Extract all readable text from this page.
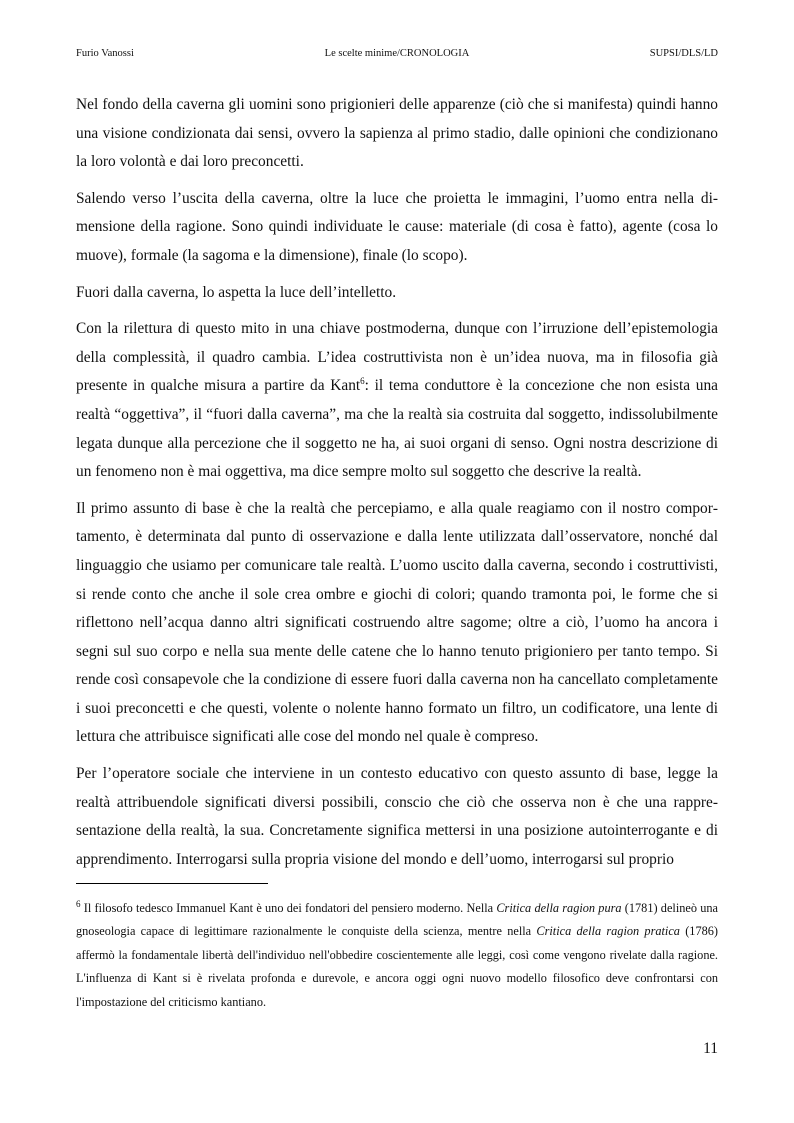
Furio Vanossi	Le scelte minime/CRONOLOGIA	SUPSI/DLS/LD

Nel fondo della caverna gli uomini sono prigionieri delle apparenze (ciò che si manifesta) quindi hanno una visione condizionata dai sensi, ovvero la sapienza al primo stadio, dalle opinioni che condizionano la loro volontà e dai loro preconcetti.

Salendo verso l’uscita della caverna, oltre la luce che proietta le immagini, l’uomo entra nella dimensione della ragione. Sono quindi individuate le cause: materiale (di cosa è fatto), agente (cosa lo muove), formale (la sagoma e la dimensione), finale (lo scopo).

Fuori dalla caverna, lo aspetta la luce dell’intelletto.

Con la rilettura di questo mito in una chiave postmoderna, dunque con l’irruzione dell’epistemologia della complessità, il quadro cambia. L’idea costruttivista non è un’idea nuova, ma in filosofia già presente in qualche misura a partire da Kant$^6$: il tema conduttore è la concezione che non esista una realtà “oggettiva”, il “fuori dalla caverna”, ma che la realtà sia costruita dal soggetto, indissolubilmente legata dunque alla percezione che il soggetto ne ha, ai suoi organi di senso. Ogni nostra descrizione di un fenomeno non è mai oggettiva, ma dice sempre molto sul soggetto che descrive la realtà.

Il primo assunto di base è che la realtà che percepiamo, e alla quale reagiamo con il nostro comportamento, è determinata dal punto di osservazione e dalla lente utilizzata dall’osservatore, nonché dal linguaggio che usiamo per comunicare tale realtà. L’uomo uscito dalla caverna, secondo i costruttivisti, si rende conto che anche il sole crea ombre e giochi di colori; quando tramonta poi, le forme che si riflettono nell’acqua danno altri significati costruendo altre sagome; oltre a ciò, l’uomo ha ancora i segni sul suo corpo e nella sua mente delle catene che lo hanno tenuto prigioniero per tanto tempo. Si rende così consapevole che la condizione di essere fuori dalla caverna non ha cancellato completamente i suoi preconcetti e che questi, volente o nolente hanno formato un filtro, un codificatore, una lente di lettura che attribuisce significati alle cose del mondo nel quale è compreso.

Per l’operatore sociale che interviene in un contesto educativo con questo assunto di base, legge la realtà attribuendole significati diversi possibili, conscio che ciò che osserva non è che una rappresentazione della realtà, la sua. Concretamente significa mettersi in una posizione autointerrogante e di apprendimento. Interrogarsi sulla propria visione del mondo e dell’uomo, interrogarsi sul proprio

$^6$ Il filosofo tedesco Immanuel Kant è uno dei fondatori del pensiero moderno. Nella Critica della ragion pura (1781) delineò una gnoseologia capace di legittimare razionalmente le conquiste della scienza, mentre nella Critica della ragion pratica (1786) affermò la fondamentale libertà dell'individuo nell'obbedire coscientemente alle leggi, così come vengono rivelate dalla ragione. L'influenza di Kant si è rivelata profonda e durevole, e ancora oggi ogni nuovo modello filosofico deve confrontarsi con l'impostazione del criticismo kantiano.

11
